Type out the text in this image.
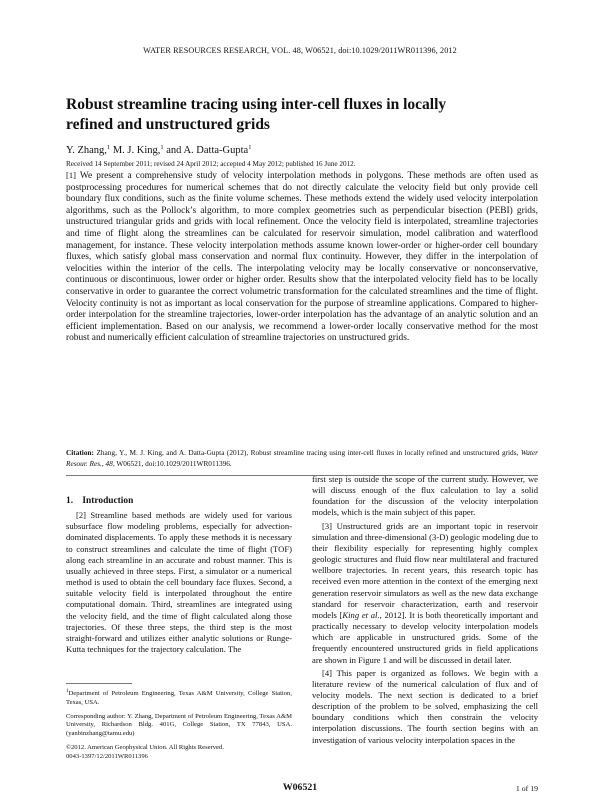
WATER RESOURCES RESEARCH, VOL. 48, W06521, doi:10.1029/2011WR011396, 2012
Robust streamline tracing using inter-cell fluxes in locally
refined and unstructured grids
Y. Zhang,$^1$ M. J. King,$^1$ and A. Datta-Gupta$^1$
Received 14 September 2011; revised 24 April 2012; accepted 4 May 2012; published 16 June 2012.
[1] We present a comprehensive study of velocity interpolation methods in polygons. These methods are often used as postprocessing procedures for numerical schemes that do not directly calculate the velocity field but only provide cell boundary flux conditions, such as the finite volume schemes. These methods extend the widely used velocity interpolation algorithms, such as the Pollock’s algorithm, to more complex geometries such as perpendicular bisection (PEBI) grids, unstructured triangular grids and grids with local refinement. Once the velocity field is interpolated, streamline trajectories and time of flight along the streamlines can be calculated for reservoir simulation, model calibration and waterflood management, for instance. These velocity interpolation methods assume known lower-order or higher-order cell boundary fluxes, which satisfy global mass conservation and normal flux continuity. However, they differ in the interpolation of velocities within the interior of the cells. The interpolating velocity may be locally conservative or nonconservative, continuous or discontinuous, lower order or higher order. Results show that the interpolated velocity field has to be locally conservative in order to guarantee the correct volumetric transformation for the calculated streamlines and the time of flight. Velocity continuity is not as important as local conservation for the purpose of streamline applications. Compared to higher-order interpolation for the streamline trajectories, lower-order interpolation has the advantage of an analytic solution and an efficient implementation. Based on our analysis, we recommend a lower-order locally conservative method for the most robust and numerically efficient calculation of streamline trajectories on unstructured grids.
Citation: Zhang, Y., M. J. King, and A. Datta-Gupta (2012), Robust streamline tracing using inter-cell fluxes in locally refined and unstructured grids, Water Resour. Res., 48, W06521, doi:10.1029/2011WR011396.
1. Introduction

[2] Streamline based methods are widely used for various subsurface flow modeling problems, especially for advection-dominated displacements. To apply these methods it is necessary to construct streamlines and calculate the time of flight (TOF) along each streamline in an accurate and robust manner. This is usually achieved in three steps. First, a simulator or a numerical method is used to obtain the cell boundary face fluxes. Second, a suitable velocity field is interpolated throughout the entire computational domain. Third, streamlines are integrated using the velocity field, and the time of flight calculated along those trajectories. Of these three steps, the third step is the most straight-forward and utilizes either analytic solutions or Runge-Kutta techniques for the trajectory calculation. The

first step is outside the scope of the current study. However, we will discuss enough of the flux calculation to lay a solid foundation for the discussion of the velocity interpolation models, which is the main subject of this paper.

[3] Unstructured grids are an important topic in reservoir simulation and three-dimensional (3-D) geologic modeling due to their flexibility especially for representing highly complex geologic structures and fluid flow near multilateral and fractured wellbore trajectories. In recent years, this research topic has received even more attention in the context of the emerging next generation reservoir simulators as well as the new data exchange standard for reservoir characterization, earth and reservoir models [King et al., 2012]. It is both theoretically important and practically necessary to develop velocity interpolation models which are applicable in unstructured grids. Some of the frequently encountered unstructured grids in field applications are shown in Figure 1 and will be discussed in detail later.

[4] This paper is organized as follows. We begin with a literature review of the numerical calculation of flux and of velocity models. The next section is dedicated to a brief description of the problem to be solved, emphasizing the cell boundary conditions which then constrain the velocity interpolation discussions. The fourth section begins with an investigation of various velocity interpolation spaces in the

$^1$Department of Petroleum Engineering, Texas A&M University, College Station, Texas, USA.

Corresponding author: Y. Zhang, Department of Petroleum Engineering, Texas A&M University, Richardson Bldg. 401G, College Station, TX 77843, USA. (yanbinzhang@tamu.edu)

©2012. American Geophysical Union. All Rights Reserved.
0043-1397/12/2011WR011396

W06521	1 of 19
